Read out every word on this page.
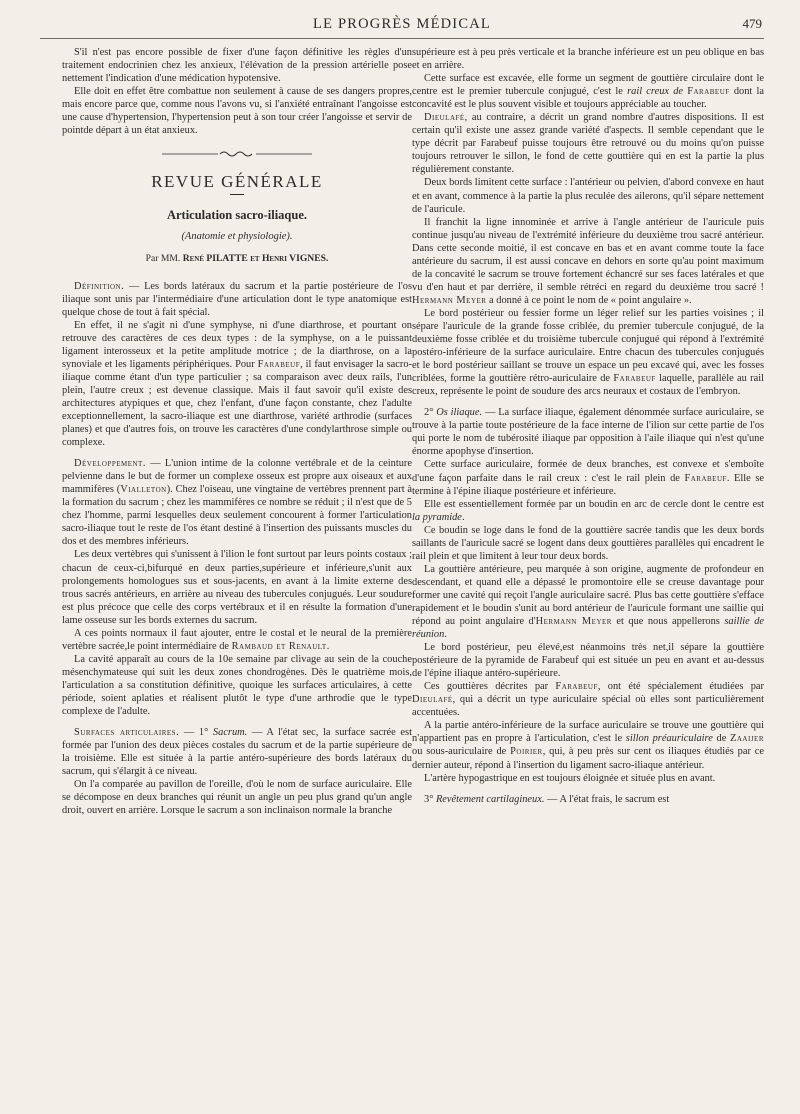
LE PROGRÈS MÉDICAL	479

S'il n'est pas encore possible de fixer d'une façon définitive les règles d'un traitement endocrinien chez les anxieux, l'élévation de la pression artérielle pose nettement l'indication d'une médication hypotensive.

Elle doit en effet être combattue non seulement à cause de ses dangers propres, mais encore parce que, comme nous l'avons vu, si l'anxiété entraînant l'angoisse est une cause d'hypertension, l'hypertension peut à son tour créer l'angoisse et servir de pointde départ à un état anxieux.

REVUE GÉNÉRALE
Articulation sacro-iliaque.
(Anatomie et physiologie).
Par MM. René PILATTE et Henri VIGNES.

Définition. — Les bords latéraux du sacrum et la partie postérieure de l'os iliaque sont unis par l'intermédiaire d'une articulation dont le type anatomique est quelque chose de tout à fait spécial.

En effet, il ne s'agit ni d'une symphyse, ni d'une diarthrose, et pourtant on retrouve des caractères de ces deux types : de la symphyse, on a le puissant ligament interosseux et la petite amplitude motrice ; de la diarthrose, on a la synoviale et les ligaments périphériques. Pour Farabeuf, il faut envisager la sacro-iliaque comme étant d'un type particulier ; sa comparaison avec deux rails, l'un plein, l'autre creux ; est devenue classique. Mais il faut savoir qu'il existe des architectures atypiques et que, chez l'enfant, d'une façon constante, chez l'adulte exceptionnellement, la sacro-iliaque est une diarthrose, variété arthrodie (surfaces planes) et que d'autres fois, on trouve les caractères d'une condylarthrose simple ou complexe.

Développement. — L'union intime de la colonne vertébrale et de la ceinture pelvienne dans le but de former un complexe osseux est propre aux oiseaux et aux mammifères (Vialleton). Chez l'oiseau, une vingtaine de vertèbres prennent part à la formation du sacrum ; chez les mammifères ce nombre se réduit ; il n'est que de 5 chez l'homme, parmi lesquelles deux seulement concourent à former l'articulation sacro-iliaque tout le reste de l'os étant destiné à l'insertion des puissants muscles du dos et des membres inférieurs.

Les deux vertèbres qui s'unissent à l'ilion le font surtout par leurs points costaux ; chacun de ceux-ci,bifurqué en deux parties,supérieure et inférieure,s'unit aux prolongements homologues sus et sous-jacents, en avant à la limite externe des trous sacrés antérieurs, en arrière au niveau des tubercules conjugués. Leur soudure est plus précoce que celle des corps vertébraux et il en résulte la formation d'une lame osseuse sur les bords externes du sacrum.

A ces points normaux il faut ajouter, entre le costal et le neural de la première vertèbre sacrée,le point intermédiaire de Rambaud et Renault.

La cavité apparaît au cours de la 10e semaine par clivage au sein de la couche mésenchymateuse qui suit les deux zones chondrogènes. Dès le quatrième mois, l'articulation a sa constitution définitive, quoique les surfaces articulaires, à cette période, soient aplaties et réalisent plutôt le type d'une arthrodie que le type complexe de l'adulte.

Surfaces articulaires. — 1° Sacrum. — A l'état sec, la surface sacrée est formée par l'union des deux pièces costales du sacrum et de la partie supérieure de la troisième. Elle est située à la partie antéro-supérieure des bords latéraux du sacrum, qui s'élargit à ce niveau.

On l'a comparée au pavillon de l'oreille, d'où le nom de surface auriculaire. Elle se décompose en deux branches qui réunit un angle un peu plus grand qu'un angle droit, ouvert en arrière. Lorsque le sacrum a son inclinaison normale la branche

supérieure est à peu près verticale et la branche inférieure est un peu oblique en bas et en arrière.

Cette surface est excavée, elle forme un segment de gouttière circulaire dont le centre est le premier tubercule conjugué, c'est le rail creux de Farabeuf dont la concavité est le plus souvent visible et toujours appréciable au toucher.

Dieulafé, au contraire, a décrit un grand nombre d'autres dispositions. Il est certain qu'il existe une assez grande variété d'aspects. Il semble cependant que le type décrit par Farabeuf puisse toujours être retrouvé ou du moins qu'on puisse toujours retrouver le sillon, le fond de cette gouttière qui en est la partie la plus régulièrement constante.

Deux bords limitent cette surface : l'antérieur ou pelvien, d'abord convexe en haut et en avant, commence à la partie la plus reculée des ailerons, qu'il sépare nettement de l'auricule.

Il franchit la ligne innominée et arrive à l'angle antérieur de l'auricule puis continue jusqu'au niveau de l'extrémité inférieure du deuxième trou sacré antérieur. Dans cette seconde moitié, il est concave en bas et en avant comme toute la face antérieure du sacrum, il est aussi concave en dehors en sorte qu'au point maximum de la concavité le sacrum se trouve fortement échancré sur ses faces latérales et que vu d'en haut et par derrière, il semble rétréci en regard du deuxième trou sacré ! Hermann Meyer a donné à ce point le nom de « point angulaire ».

Le bord postérieur ou fessier forme un léger relief sur les parties voisines ; il sépare l'auricule de la grande fosse criblée, du premier tubercule conjugué, de la deuxième fosse criblée et du troisième tubercule conjugué qui répond à l'extrémité postéro-inférieure de la surface auriculaire. Entre chacun des tubercules conjugués et le bord postérieur saillant se trouve un espace un peu excavé qui, avec les fosses criblées, forme la gouttière rétro-auriculaire de Farabeuf laquelle, parallèle au rail creux, représente le point de soudure des arcs neuraux et costaux de l'embryon.

2° Os iliaque. — La surface iliaque, également dénommée surface auriculaire, se trouve à la partie toute postérieure de la face interne de l'ilion sur cette partie de l'os qui porte le nom de tubérosité iliaque par opposition à l'aile iliaque qui n'est qu'une énorme apophyse d'insertion.

Cette surface auriculaire, formée de deux branches, est convexe et s'emboîte d'une façon parfaite dans le rail creux : c'est le rail plein de Farabeuf. Elle se termine à l'épine iliaque postérieure et inférieure.

Elle est essentiellement formée par un boudin en arc de cercle dont le centre est la pyramide.

Ce boudin se loge dans le fond de la gouttière sacrée tandis que les deux bords saillants de l'auricule sacré se logent dans deux gouttières parallèles qui encadrent le rail plein et que limitent à leur tour deux bords.

La gouttière antérieure, peu marquée à son origine, augmente de profondeur en descendant, et quand elle a dépassé le promontoire elle se creuse davantage pour former une cavité qui reçoit l'angle auriculaire sacré. Plus bas cette gouttière s'efface rapidement et le boudin s'unit au bord antérieur de l'auricule formant une saillie qui répond au point angulaire d'Hermann Meyer et que nous appellerons saillie de réunion.

Le bord postérieur, peu élevé,est néanmoins très net,il sépare la gouttière postérieure de la pyramide de Farabeuf qui est située un peu en avant et au-dessus de l'épine iliaque antéro-supérieure.

Ces gouttières décrites par Farabeuf, ont été spécialement étudiées par Dieulafé, qui a décrit un type auriculaire spécial où elles sont particulièrement accentuées.

A la partie antéro-inférieure de la surface auriculaire se trouve une gouttière qui n'appartient pas en propre à l'articulation, c'est le sillon préauriculaire de Zaaijer ou sous-auriculaire de Poirier, qui, à peu près sur cent os iliaques étudiés par ce dernier auteur, répond à l'insertion du ligament sacro-iliaque antérieur.

L'artère hypogastrique en est toujours éloignée et située plus en avant.

3° Revêtement cartilagineux. — A l'état frais, le sacrum est
